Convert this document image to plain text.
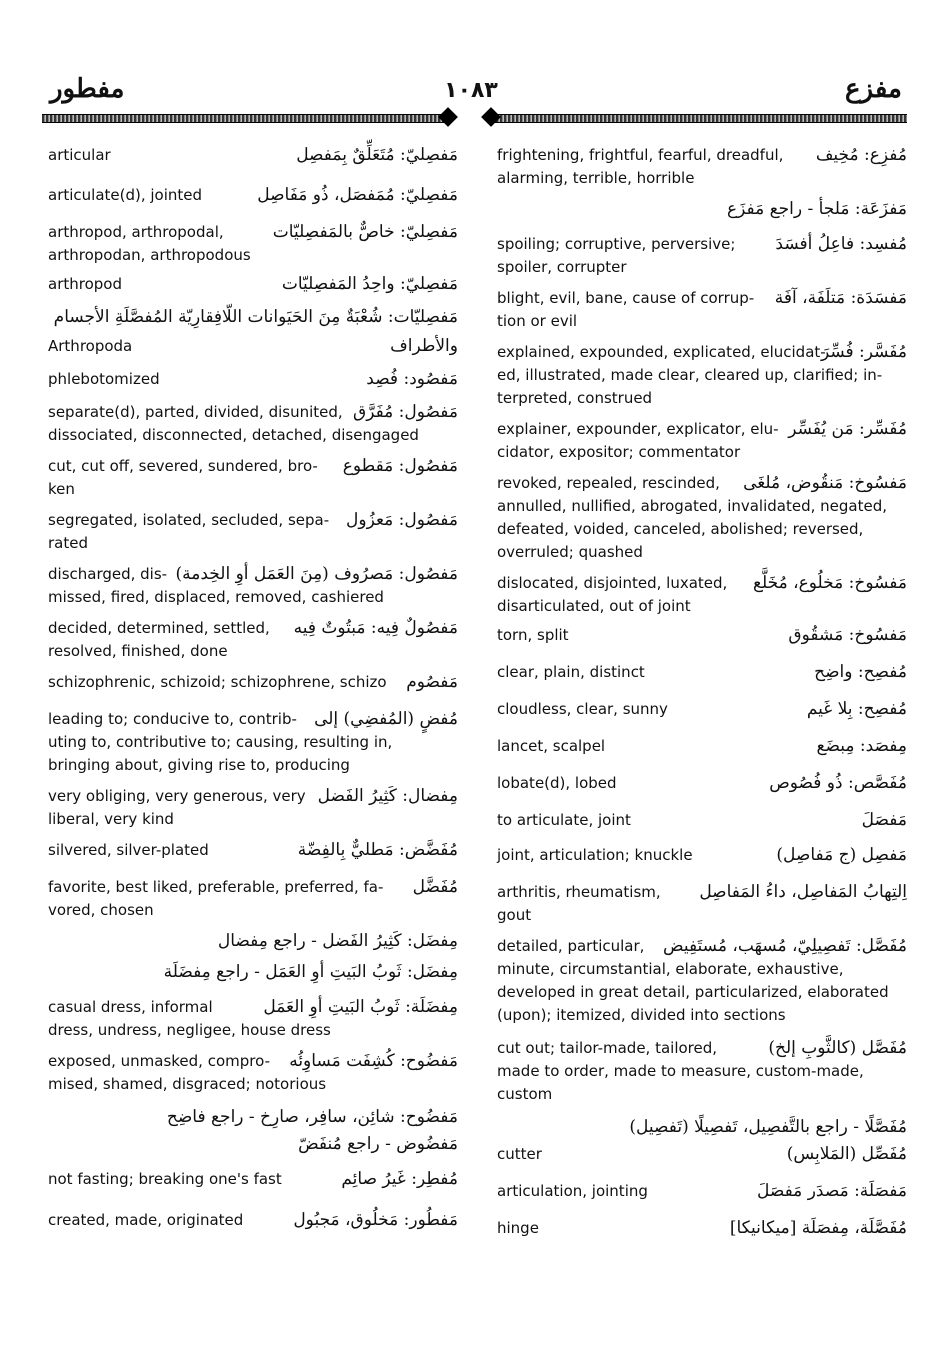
مفطور	١٠٨٣	مفزع
articular	مَفصِليّ: مُتَعَلِّقٌ بِمَفصِل
articulate(d), jointed	مَفصِليّ: مُمَفصَل، ذُو مَفَاصِل
arthropod, arthropodal,	مَفصِليّ: خاصٌّ بالمَفصِليّات
arthropodan, arthropodous
arthropod	مَفصِليّ: واحِدُ المَفصِليّات
مَفصِليّات: شُعْبَةٌ مِنَ الحَيَوانات اللّافِقارِيّة المُفصَّلَةِ الأجسام
Arthropoda	والأطراف
phlebotomized	مَفصُود: فُصِد
separate(d), parted, divided, disunited, مَفصُول: مُفَرَّق
dissociated, disconnected, detached, disengaged
cut, cut off, severed, sundered, bro- مَفصُول: مَقطوع
ken
segregated, isolated, secluded, sepa- مَفصُول: مَعزُول
rated
discharged, dis- مَفصُول: مَصرُوف (مِنَ العَمَل أوِ الخِدمة)
missed, fired, displaced, removed, cashiered
decided, determined, settled, مَفصُولٌ فِيه: مَبتُوتٌ فِيه
resolved, finished, done
schizophrenic, schizoid; schizophrene, schizo مَفصُوم
leading to; conducive to, contrib- مُفضٍ (المُفضِي) إلى
uting to, contributive to; causing, resulting in,
bringing about, giving rise to, producing
very obliging, very generous, very مِفضال: كَثِيرُ الفَضل
liberal, very kind
silvered, silver-plated	مُفَضَّض: مَطليٌّ بِالفِضّة
favorite, best liked, preferable, preferred, fa- مُفَضَّل
vored, chosen
مِفضَل: كَثِيرُ الفَضل - راجع مِفضال
مِفضَل: ثَوبُ البَيتِ أوِ العَمَل - راجع مِفضَلَة
casual dress, informal	مِفضَلَة: ثَوبُ البَيتِ أوِ العَمَل
dress, undress, negligee, house dress
exposed, unmasked, compro- مَفضُوح: كُشِفَت مَساوِئُه
mised, shamed, disgraced; notorious
مَفضُوح: شائِن، سافِر، صارِخ - راجع فاضِح
مَفضُوض - راجع مُنفَضّ
not fasting; breaking one's fast	مُفطِر: غَيرُ صائِم
created, made, originated	مَفطُور: مَخلُوق، مَجبُول
frightening, frightful, fearful, dreadful, مُفزِع: مُخِيف
alarming, terrible, horrible
مَفزَعَة: مَلجأ - راجع مَفزَع
spoiling; corruptive, perversive; مُفسِد: فاعِلُ أفسَدَ
spoiler, corrupter
blight, evil, bane, cause of corrup- مَفسَدَة: مَتلَفَة، آفَة
tion or evil
explained, expounded, explicated, elucidat-
مُفَسَّر: فُسِّرَ
ed, illustrated, made clear, cleared up, clarified; in-
terpreted, construed
explainer, expounder, explicator, elu- مُفَسِّر: مَن يُفَسِّر
cidator, expositor; commentator
revoked, repealed, rescinded, مَفسُوخ: مَنقُوض، مُلغَى
annulled, nullified, abrogated, invalidated, negated,
defeated, voided, canceled, abolished; reversed,
overruled; quashed
dislocated, disjointed, luxated, مَفسُوخ: مَخلُوع، مُخَلَّع
disarticulated, out of joint
torn, split	مَفسُوخ: مَشقُوق
clear, plain, distinct	مُفصِح: واضِح
cloudless, clear, sunny	مُفصِح: بِلا غَيم
lancet, scalpel	مِفصَد: مِبضَع
lobate(d), lobed	مُفَصَّص: ذُو فُصُوص
to articulate, joint	مَفصَلَ
joint, articulation; knuckle	مَفصِل (ج مَفاصِل)
arthritis, rheumatism, اِلتِهابُ المَفاصِل، داءُ المَفاصِل
gout
detailed, particular, مُفَصَّل: تَفصِيلِيّ، مُسهَب، مُستَفِيض
minute, circumstantial, elaborate, exhaustive,
developed in great detail, particularized, elaborated
(upon); itemized, divided into sections
cut out; tailor-made, tailored,	مُفَصَّل (كالثَّوبِ إلخ)
made to order, made to measure, custom-made,
custom
مُفَصَّلًا - راجع بالتَّفصِيل، تَفصِيلًا (تَفصِيل)
cutter	مُفَصِّل (المَلابِس)
articulation, jointing	مَفصَلَة: مَصدَر مَفصَلَ
hinge	مُفَصَّلَة، مِفصَلَة [ميكانيكا]
